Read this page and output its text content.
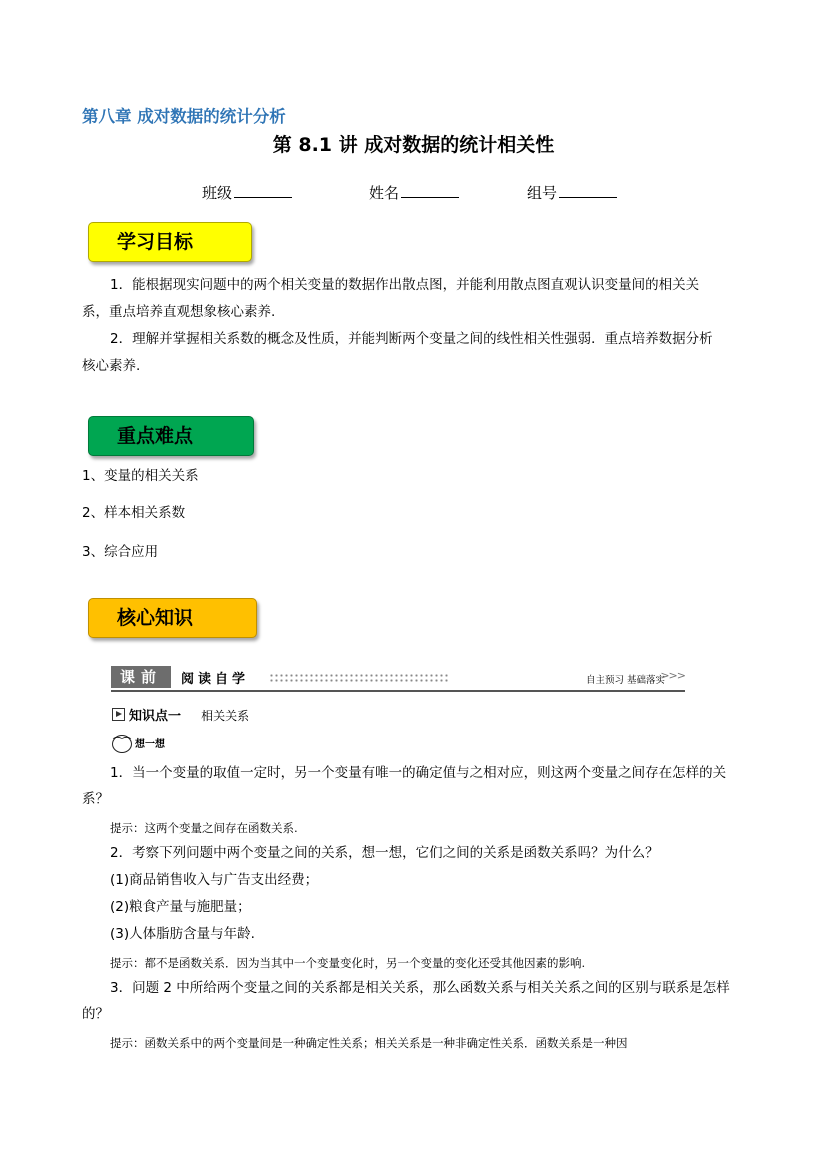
第八章 成对数据的统计分析
第 8.1 讲 成对数据的统计相关性
班级	姓名	组号
学习目标
1．能根据现实问题中的两个相关变量的数据作出散点图，并能利用散点图直观认识变量间的相关关
系，重点培养直观想象核心素养.
2．理解并掌握相关系数的概念及性质，并能判断两个变量之间的线性相关性强弱．重点培养数据分析
核心素养.
重点难点
1、变量的相关关系
2、样本相关系数
3、综合应用
核心知识
课前	阅读自学	自主预习 基础落实
>>>
知识点一 相关关系
⌒⌒ 想一想
1．当一个变量的取值一定时，另一个变量有唯一的确定值与之相对应，则这两个变量之间存在怎样的关
系？
提示：这两个变量之间存在函数关系.
2．考察下列问题中两个变量之间的关系，想一想，它们之间的关系是函数关系吗？为什么？
(1)商品销售收入与广告支出经费；
(2)粮食产量与施肥量；
(3)人体脂肪含量与年龄.
提示：都不是函数关系．因为当其中一个变量变化时，另一个变量的变化还受其他因素的影响.
3．问题 2 中所给两个变量之间的关系都是相关关系，那么函数关系与相关关系之间的区别与联系是怎样
的？
提示：函数关系中的两个变量间是一种确定性关系；相关关系是一种非确定性关系．函数关系是一种因
